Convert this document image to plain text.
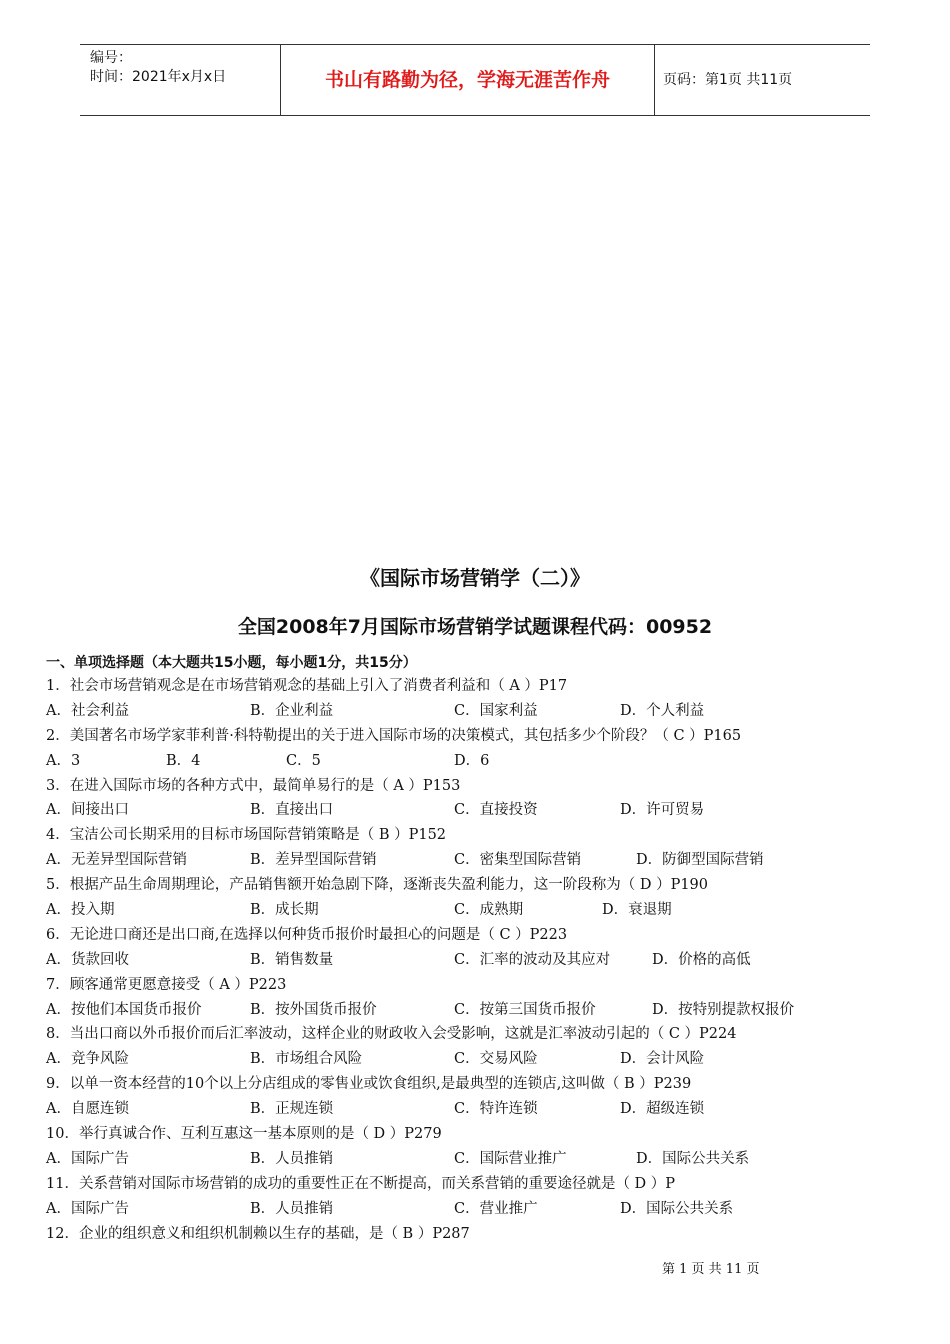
编号：
时间：2021年x月x日	书山有路勤为径，学海无涯苦作舟	页码：第1页 共11页
《国际市场营销学（二）》
全国2008年7月国际市场营销学试题课程代码：00952
一、单项选择题（本大题共15小题，每小题1分，共15分）
1．社会市场营销观念是在市场营销观念的基础上引入了消费者利益和（ A ）P17
A．社会利益	B．企业利益	C．国家利益	D．个人利益
2．美国著名市场学家菲利普·科特勒提出的关于进入国际市场的决策模式，其包括多少个阶段？（ C ）P165
A．3	B．4	C．5	D．6
3．在进入国际市场的各种方式中，最简单易行的是（ A ）P153
A．间接出口	B．直接出口	C．直接投资	D．许可贸易
4．宝洁公司长期采用的目标市场国际营销策略是（ B ）P152
A．无差异型国际营销	B．差异型国际营销	C．密集型国际营销	D．防御型国际营销
5．根据产品生命周期理论，产品销售额开始急剧下降，逐渐丧失盈利能力，这一阶段称为（ D ）P190
A．投入期	B．成长期	C．成熟期	D．衰退期
6．无论进口商还是出口商,在选择以何种货币报价时最担心的问题是（ C ）P223
A．货款回收	B．销售数量	C．汇率的波动及其应对	D．价格的高低
7．顾客通常更愿意接受（ A ）P223
A．按他们本国货币报价	B．按外国货币报价	C．按第三国货币报价	D．按特别提款权报价
8．当出口商以外币报价而后汇率波动，这样企业的财政收入会受影响，这就是汇率波动引起的（ C ）P224
A．竞争风险	B．市场组合风险	C．交易风险	D．会计风险
9．以单一资本经营的10个以上分店组成的零售业或饮食组织,是最典型的连锁店,这叫做（ B ）P239
A．自愿连锁	B．正规连锁	C．特许连锁	D．超级连锁
10．举行真诚合作、互利互惠这一基本原则的是（ D ）P279
A．国际广告	B．人员推销	C．国际营业推广	D．国际公共关系
11．关系营销对国际市场营销的成功的重要性正在不断提高，而关系营销的重要途径就是（ D ）P
A．国际广告	B．人员推销	C．营业推广	D．国际公共关系
12．企业的组织意义和组织机制赖以生存的基础，是（ B ）P287
第 1 页 共 11 页
